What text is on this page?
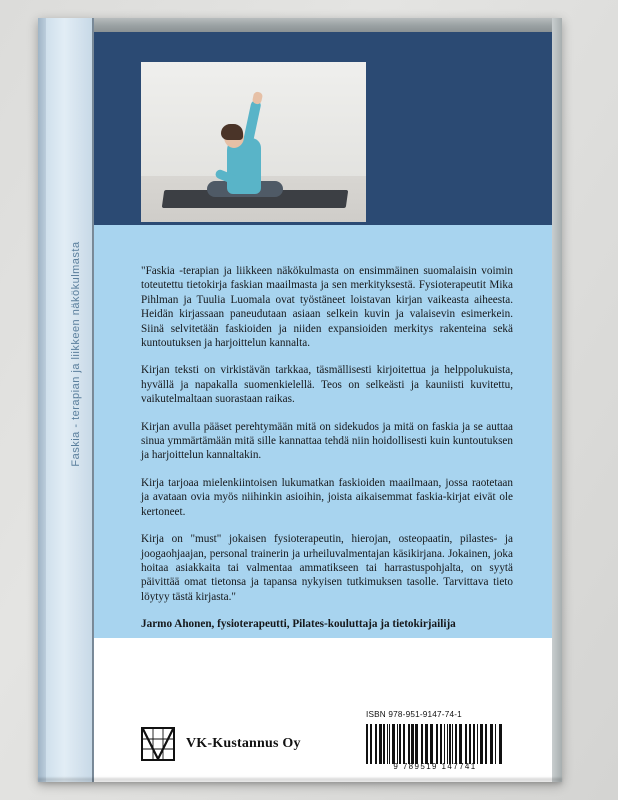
Faskia - terapian ja liikkeen näkökulmasta	"Faskia -terapian ja liikkeen näkökulmasta on ensimmäinen suomalaisin voimin toteutettu tietokirja faskian maailmasta ja sen merkityksestä. Fysioterapeutit Mika Pihlman ja Tuulia Luomala ovat työstäneet loistavan kirjan vaikeasta aiheesta. Heidän kirjassaan paneudutaan asiaan selkein kuvin ja valaisevin esimerkein. Siinä selvitetään faskioiden ja niiden expansioiden merkitys rakenteina sekä kuntoutuksen ja harjoittelun kannalta.

Kirjan teksti on virkistävän tarkkaa, täsmällisesti kirjoitettua ja helppolukuista, hyvällä ja napakalla suomenkielellä. Teos on selkeästi ja kauniisti kuvitettu, vaikutelmaltaan suorastaan raikas.

Kirjan avulla pääset perehtymään mitä on sidekudos ja mitä on faskia ja se auttaa sinua ymmärtämään mitä sille kannattaa tehdä niin hoidollisesti kuin kuntoutuksen ja harjoittelun kannaltakin.

Kirja tarjoaa mielenkiintoisen lukumatkan faskioiden maailmaan, jossa raotetaan ja avataan ovia myös niihinkin asioihin, joista aikaisemmat faskia-kirjat eivät ole kertoneet.

Kirja on "must" jokaisen fysioterapeutin, hierojan, osteopaatin, pilastes- ja joogaohjaajan, personal trainerin ja urheiluvalmentajan käsikirjana. Jokainen, joka hoitaa asiakkaita tai valmentaa ammatikseen tai harrastuspohjalta, on syytä päivittää omat tietonsa ja tapansa nykyisen tutkimuksen tasolle. Tarvittava tieto löytyy tästä kirjasta."

Jarmo Ahonen, fysioterapeutti, Pilates-kouluttaja ja tietokirjailija

VK-Kustannus Oy
ISBN 978-951-9147-74-1
9 789519 147741
